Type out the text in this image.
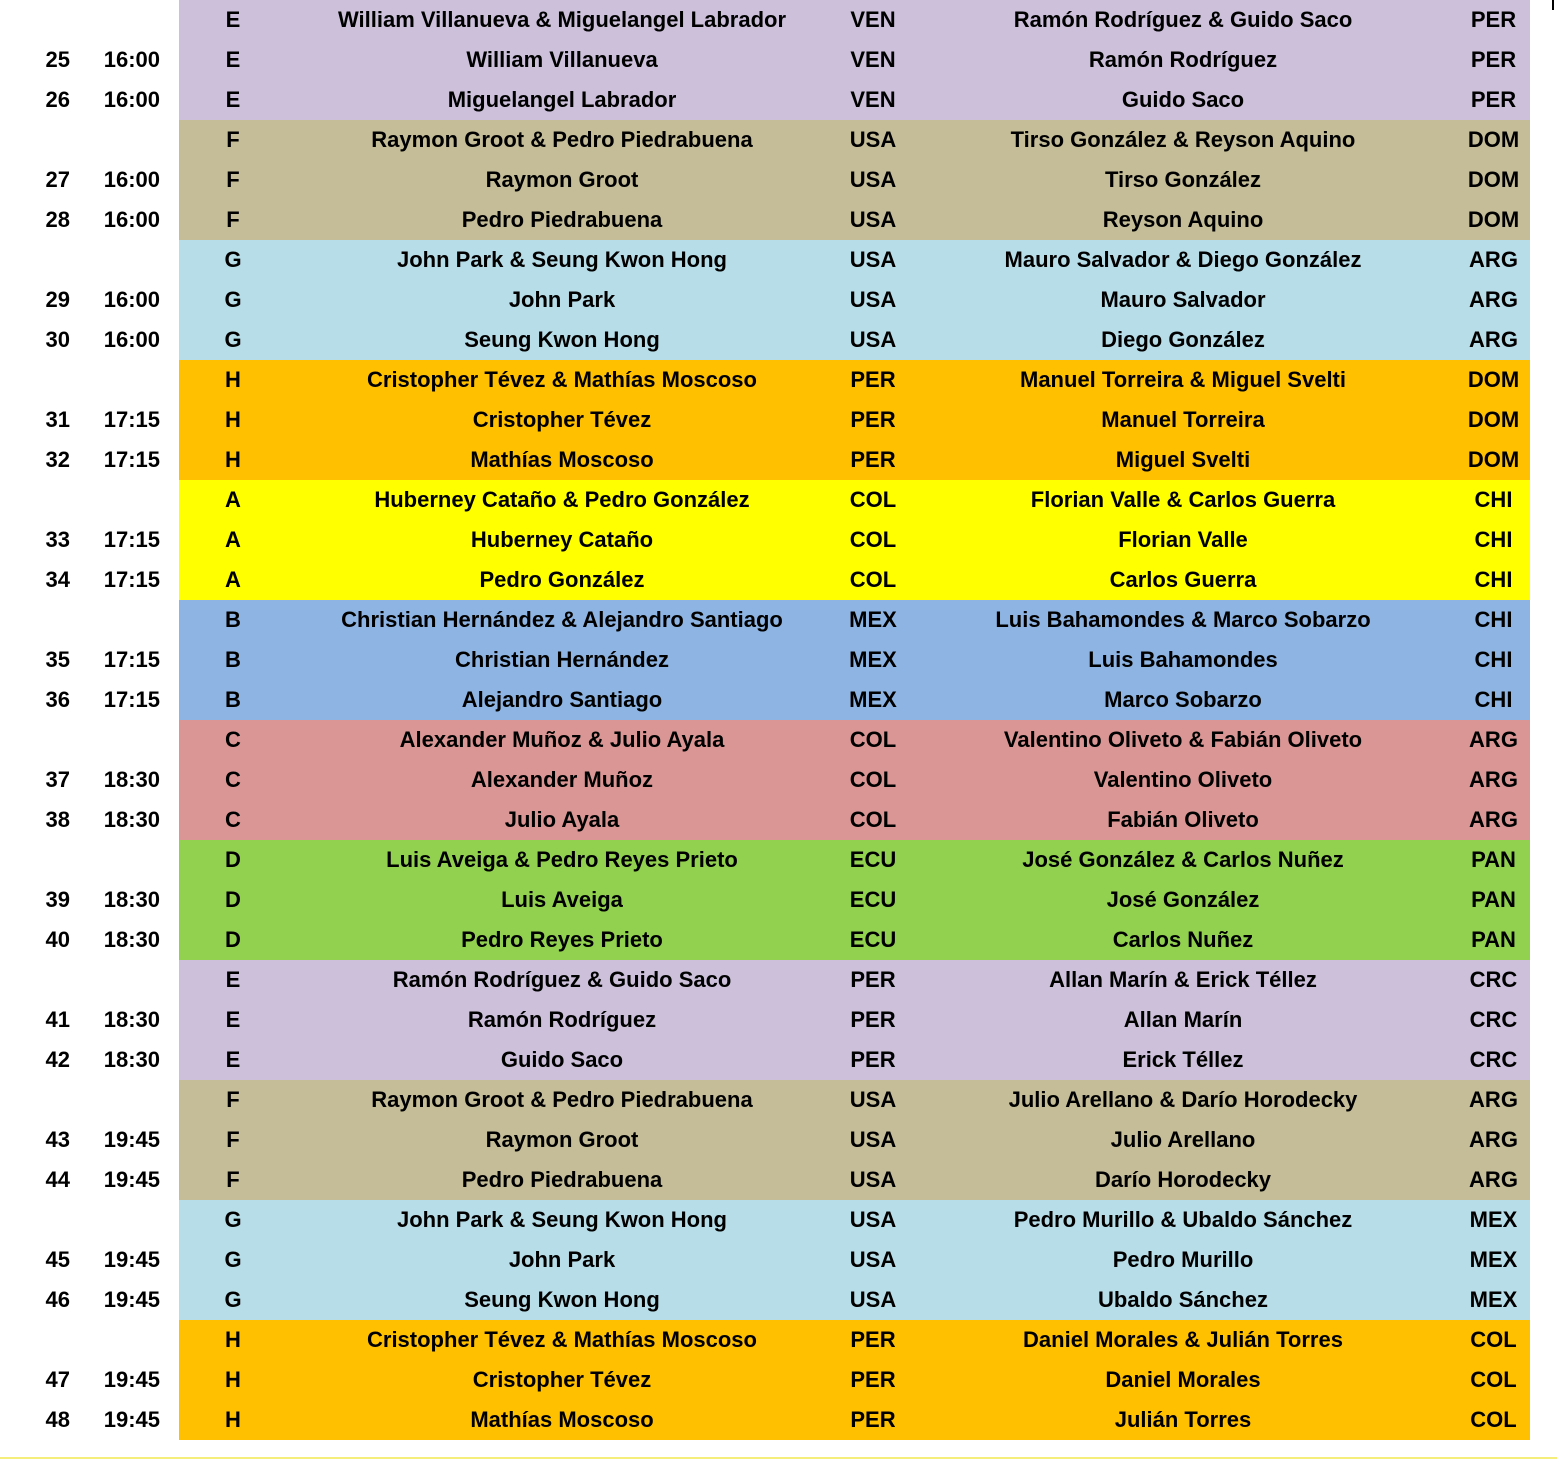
		E	William Villanueva & Miguelangel Labrador	VEN	Ramón Rodríguez & Guido Saco	PER
25	16:00	E	William Villanueva	VEN	Ramón Rodríguez	PER
26	16:00	E	Miguelangel Labrador	VEN	Guido Saco	PER
		F	Raymon Groot & Pedro Piedrabuena	USA	Tirso González & Reyson Aquino	DOM
27	16:00	F	Raymon Groot	USA	Tirso González	DOM
28	16:00	F	Pedro Piedrabuena	USA	Reyson Aquino	DOM
		G	John Park & Seung Kwon Hong	USA	Mauro Salvador & Diego González	ARG
29	16:00	G	John Park	USA	Mauro Salvador	ARG
30	16:00	G	Seung Kwon Hong	USA	Diego González	ARG
		H	Cristopher Tévez & Mathías Moscoso	PER	Manuel Torreira & Miguel Svelti	DOM
31	17:15	H	Cristopher Tévez	PER	Manuel Torreira	DOM
32	17:15	H	Mathías Moscoso	PER	Miguel Svelti	DOM
		A	Huberney Cataño & Pedro González	COL	Florian Valle & Carlos Guerra	CHI
33	17:15	A	Huberney Cataño	COL	Florian Valle	CHI
34	17:15	A	Pedro González	COL	Carlos Guerra	CHI
		B	Christian Hernández & Alejandro Santiago	MEX	Luis Bahamondes & Marco Sobarzo	CHI
35	17:15	B	Christian Hernández	MEX	Luis Bahamondes	CHI
36	17:15	B	Alejandro Santiago	MEX	Marco Sobarzo	CHI
		C	Alexander Muñoz & Julio Ayala	COL	Valentino Oliveto & Fabián Oliveto	ARG
37	18:30	C	Alexander Muñoz	COL	Valentino Oliveto	ARG
38	18:30	C	Julio Ayala	COL	Fabián Oliveto	ARG
		D	Luis Aveiga & Pedro Reyes Prieto	ECU	José González & Carlos Nuñez	PAN
39	18:30	D	Luis Aveiga	ECU	José González	PAN
40	18:30	D	Pedro Reyes Prieto	ECU	Carlos Nuñez	PAN
		E	Ramón Rodríguez & Guido Saco	PER	Allan Marín & Erick Téllez	CRC
41	18:30	E	Ramón Rodríguez	PER	Allan Marín	CRC
42	18:30	E	Guido Saco	PER	Erick Téllez	CRC
		F	Raymon Groot & Pedro Piedrabuena	USA	Julio Arellano & Darío Horodecky	ARG
43	19:45	F	Raymon Groot	USA	Julio Arellano	ARG
44	19:45	F	Pedro Piedrabuena	USA	Darío Horodecky	ARG
		G	John Park & Seung Kwon Hong	USA	Pedro Murillo & Ubaldo Sánchez	MEX
45	19:45	G	John Park	USA	Pedro Murillo	MEX
46	19:45	G	Seung Kwon Hong	USA	Ubaldo Sánchez	MEX
		H	Cristopher Tévez & Mathías Moscoso	PER	Daniel Morales & Julián Torres	COL
47	19:45	H	Cristopher Tévez	PER	Daniel Morales	COL
48	19:45	H	Mathías Moscoso	PER	Julián Torres	COL
